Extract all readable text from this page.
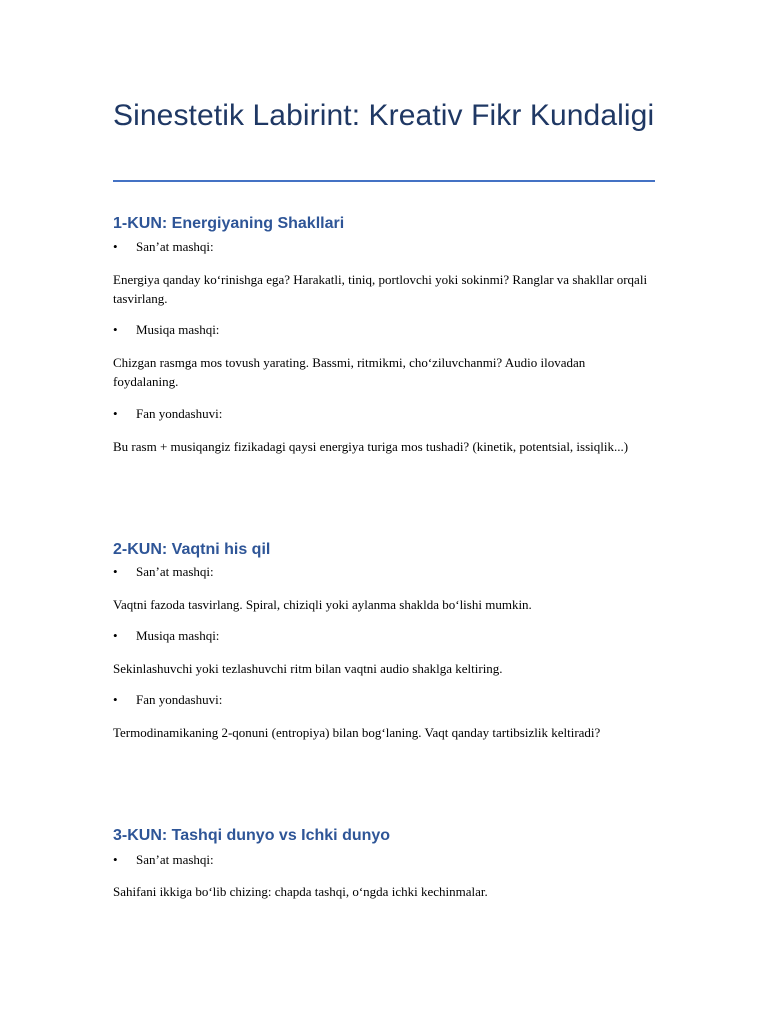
Sinestetik Labirint: Kreativ Fikr Kundaligi
1-KUN: Energiyaning Shakllari
• San’at mashqi:

Energiya qanday ko‘rinishga ega? Harakatli, tiniq, portlovchi yoki sokinmi? Ranglar va shakllar orqali tasvirlang.

• Musiqa mashqi:

Chizgan rasmga mos tovush yarating. Bassmi, ritmikmi, cho‘ziluvchanmi? Audio ilovadan foydalaning.

• Fan yondashuvi:

Bu rasm + musiqangiz fizikadagi qaysi energiya turiga mos tushadi? (kinetik, potentsial, issiqlik...)

2-KUN: Vaqtni his qil
• San’at mashqi:

Vaqtni fazoda tasvirlang. Spiral, chiziqli yoki aylanma shaklda bo‘lishi mumkin.

• Musiqa mashqi:

Sekinlashuvchi yoki tezlashuvchi ritm bilan vaqtni audio shaklga keltiring.

• Fan yondashuvi:

Termodinamikaning 2-qonuni (entropiya) bilan bog‘laning. Vaqt qanday tartibsizlik keltiradi?

3-KUN: Tashqi dunyo vs Ichki dunyo
• San’at mashqi:

Sahifani ikkiga bo‘lib chizing: chapda tashqi, o‘ngda ichki kechinmalar.
